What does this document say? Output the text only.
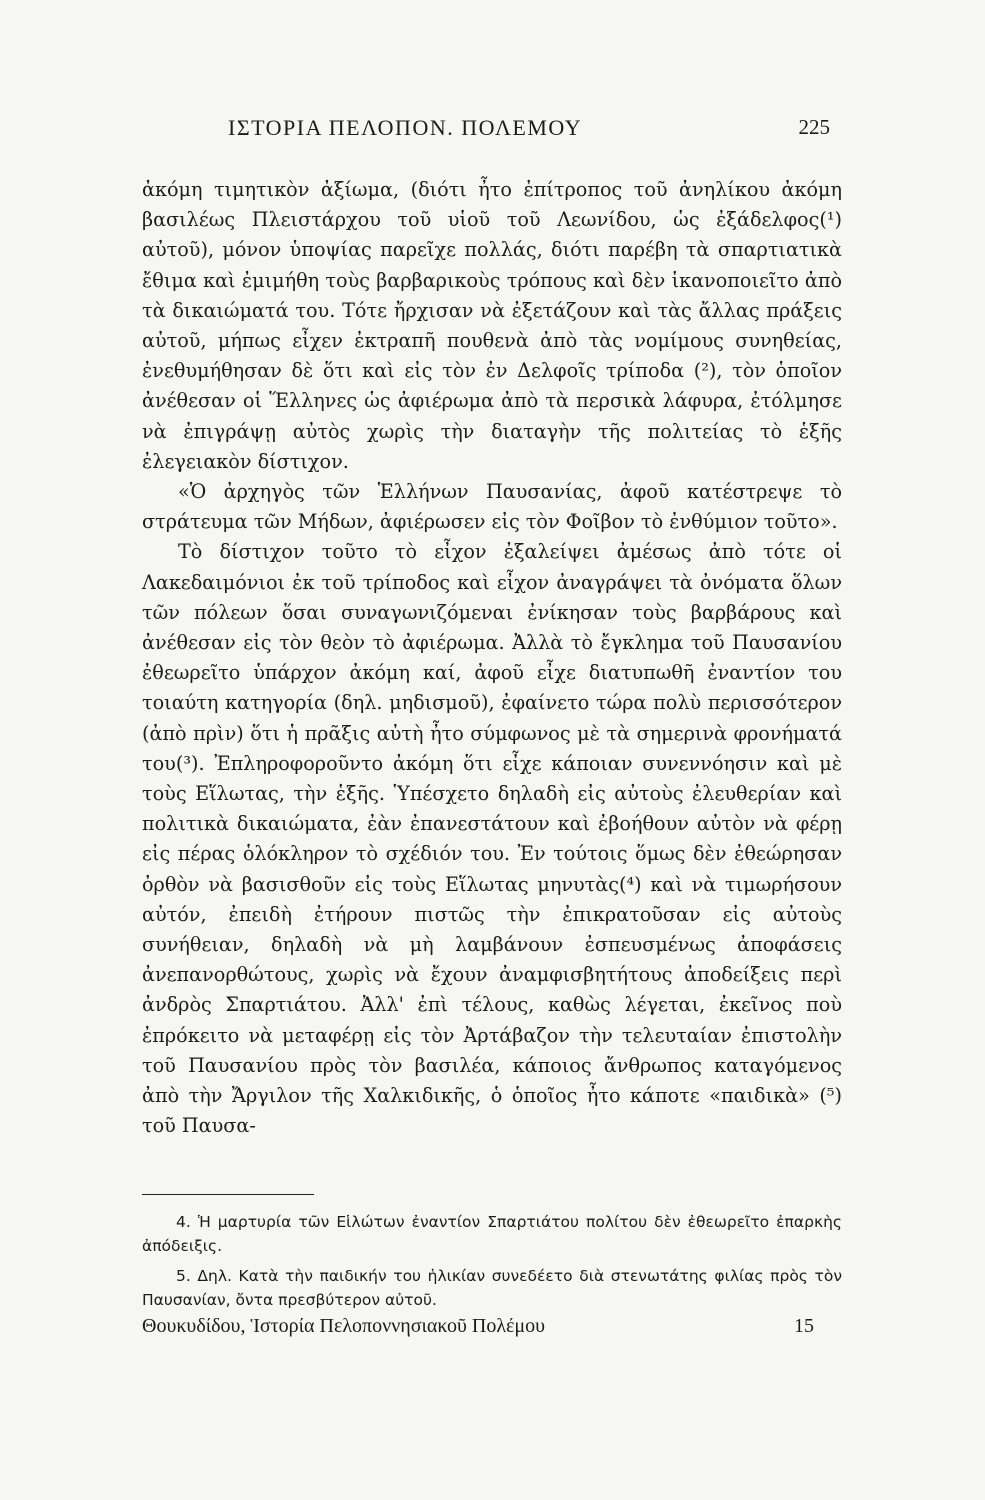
ΙΣΤΟΡΙΑ ΠΕΛΟΠΟΝ. ΠΟΛΕΜΟΥ	225

ἀκόμη τιμητικὸν ἀξίωμα, (διότι ἦτο ἐπίτροπος τοῦ ἀνηλίκου ἀκόμη βασιλέως Πλειστάρχου τοῦ υἱοῦ τοῦ Λεωνίδου, ὡς ἐξάδελφος(¹) αὐτοῦ), μόνον ὑποψίας παρεῖχε πολλάς, διότι παρέβη τὰ σπαρτιατικὰ ἔθιμα καὶ ἐμιμήθη τοὺς βαρβαρικοὺς τρόπους καὶ δὲν ἱκανοποιεῖτο ἀπὸ τὰ δικαιώματά του. Τότε ἤρχισαν νὰ ἐξετάζουν καὶ τὰς ἄλλας πράξεις αὐτοῦ, μήπως εἶχεν ἐκτραπῆ πουθενὰ ἀπὸ τὰς νομίμους συνηθείας, ἐνεθυμήθησαν δὲ ὅτι καὶ εἰς τὸν ἐν Δελφοῖς τρίποδα (²), τὸν ὁποῖον ἀνέθεσαν οἱ Ἕλληνες ὡς ἀφιέρωμα ἀπὸ τὰ περσικὰ λάφυρα, ἐτόλμησε νὰ ἐπιγράψῃ αὐτὸς χωρὶς τὴν διαταγὴν τῆς πολιτείας τὸ ἑξῆς ἐλεγειακὸν δίστιχον.

«Ὁ ἀρχηγὸς τῶν Ἑλλήνων Παυσανίας, ἀφοῦ κατέστρεψε τὸ στράτευμα τῶν Μήδων, ἀφιέρωσεν εἰς τὸν Φοῖβον τὸ ἐνθύμιον τοῦτο».

Τὸ δίστιχον τοῦτο τὸ εἶχον ἐξαλείψει ἀμέσως ἀπὸ τότε οἱ Λακεδαιμόνιοι ἐκ τοῦ τρίποδος καὶ εἶχον ἀναγράψει τὰ ὀνόματα ὅλων τῶν πόλεων ὅσαι συναγωνιζόμεναι ἐνίκησαν τοὺς βαρβάρους καὶ ἀνέθεσαν εἰς τὸν θεὸν τὸ ἀφιέρωμα. Ἀλλὰ τὸ ἔγκλημα τοῦ Παυσανίου ἐθεωρεῖτο ὑπάρχον ἀκόμη καί, ἀφοῦ εἶχε διατυπωθῆ ἐναντίον του τοιαύτη κατηγορία (δηλ. μηδισμοῦ), ἐφαίνετο τώρα πολὺ περισσότερον (ἀπὸ πρὶν) ὅτι ἡ πρᾶξις αὐτὴ ἦτο σύμφωνος μὲ τὰ σημερινὰ φρονήματά του(³). Ἐπληροφοροῦντο ἀκόμη ὅτι εἶχε κάποιαν συνεννόησιν καὶ μὲ τοὺς Εἵλωτας, τὴν ἑξῆς. Ὑπέσχετο δηλαδὴ εἰς αὐτοὺς ἐλευθερίαν καὶ πολιτικὰ δικαιώματα, ἐὰν ἐπανεστάτουν καὶ ἐβοήθουν αὐτὸν νὰ φέρῃ εἰς πέρας ὁλόκληρον τὸ σχέδιόν του. Ἐν τούτοις ὅμως δὲν ἐθεώρησαν ὀρθὸν νὰ βασισθοῦν εἰς τοὺς Εἵλωτας μηνυτὰς(⁴) καὶ νὰ τιμωρήσουν αὐτόν, ἐπειδὴ ἐτήρουν πιστῶς τὴν ἐπικρατοῦσαν εἰς αὐτοὺς συνήθειαν, δηλαδὴ νὰ μὴ λαμβάνουν ἐσπευσμένως ἀποφάσεις ἀνεπανορθώτους, χωρὶς νὰ ἔχουν ἀναμφισβητήτους ἀποδείξεις περὶ ἀνδρὸς Σπαρτιάτου. Ἀλλ' ἐπὶ τέλους, καθὼς λέγεται, ἐκεῖνος ποὺ ἐπρόκειτο νὰ μεταφέρῃ εἰς τὸν Ἀρτάβαζον τὴν τελευταίαν ἐπιστολὴν τοῦ Παυσανίου πρὸς τὸν βασιλέα, κάποιος ἄνθρωπος καταγόμενος ἀπὸ τὴν Ἄργιλον τῆς Χαλκιδικῆς, ὁ ὁποῖος ἦτο κάποτε «παιδικὰ» (⁵) τοῦ Παυσα-

4. Ἡ μαρτυρία τῶν Εἱλώτων ἐναντίον Σπαρτιάτου πολίτου δὲν ἐθεωρεῖτο ἐπαρκὴς ἀπόδειξις.

5. Δηλ. Κατὰ τὴν παιδικήν του ἡλικίαν συνεδέετο διὰ στενωτάτης φιλίας πρὸς τὸν Παυσανίαν, ὄντα πρεσβύτερον αὐτοῦ.

Θουκυδίδου, Ἱστορία Πελοποννησιακοῦ Πολέμου	15
